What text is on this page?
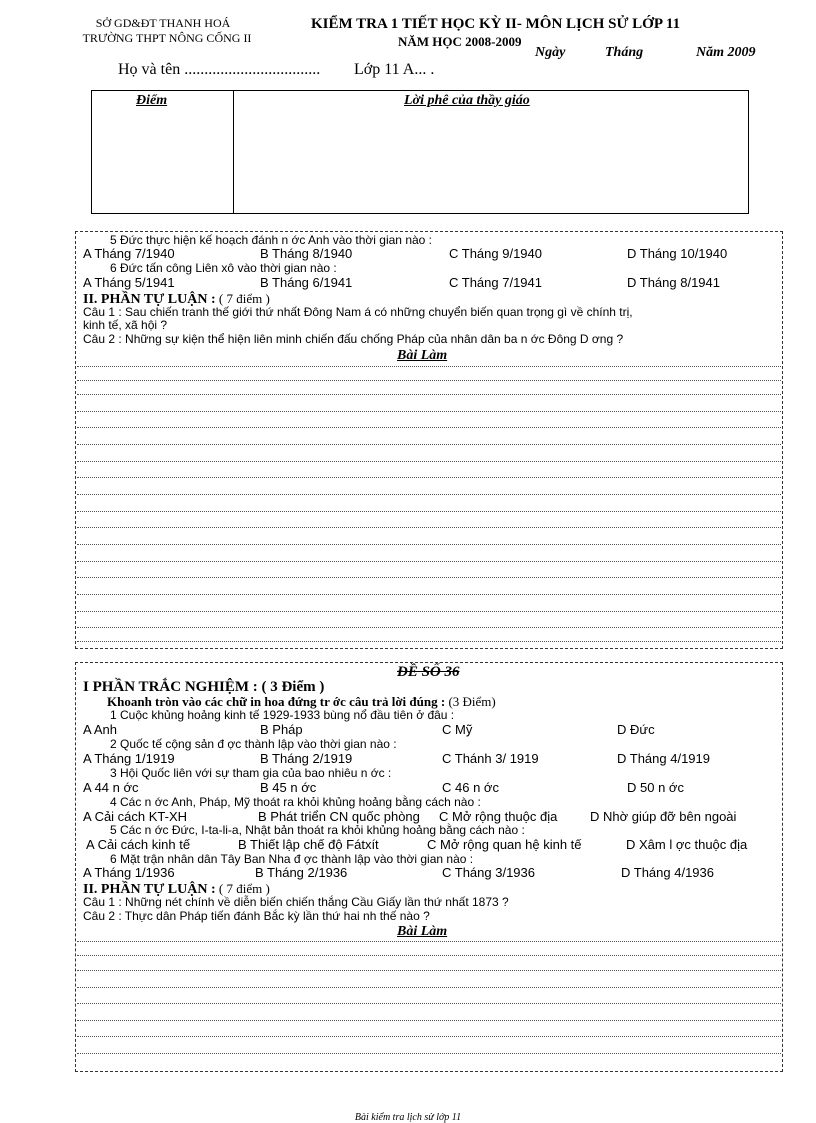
SỞ GD&ĐT THANH HOÁ
TRƯỜNG THPT NÔNG CỐNG II
KIỂM TRA 1 TIẾT HỌC KỲ II- MÔN LỊCH SỬ LỚP 11
NĂM HỌC 2008-2009
Ngày	Tháng	Năm 2009
Họ và tên .................................. Lớp 11 A... .
Điểm	Lời phê của thầy giáo
5 Đức thực hiện kế hoạch đánh n ớc Anh vào thời gian nào :
A Tháng 7/1940	B Tháng 8/1940	C Tháng 9/1940	D Tháng 10/1940
6 Đức tấn công Liên xô vào thời gian nào :
A Tháng 5/1941	B Tháng 6/1941	C Tháng 7/1941	D Tháng 8/1941
II. PHẦN TỰ LUẬN : ( 7 điểm )
Câu 1 : Sau chiến tranh thế giới thứ nhất Đông Nam á có những chuyển biến quan trọng gì về chính trị,
kinh tế, xã hội ?
Câu 2 : Những sự kiện thể hiện liên minh chiến đấu chống Pháp của nhân dân ba n ớc Đông D ơng ?
Bài Làm
ĐỀ SỐ 36
I PHẦN TRẮC NGHIỆM : ( 3 Điểm )
Khoanh tròn vào các chữ in hoa đứng tr ớc câu trả lời đúng : (3 Điểm)
1 Cuộc khủng hoảng kinh tế 1929-1933 bùng nổ đầu tiên ở đâu :
A Anh	B Pháp	C Mỹ	D Đức
2 Quốc tế cộng sản đ ợc thành lập vào thời gian nào :
A Tháng 1/1919	B Tháng 2/1919	C Thánh 3/ 1919	D Tháng 4/1919
3 Hội Quốc liên với sự tham gia của bao nhiêu n ớc :
A 44 n ớc	B 45 n ớc	C 46 n ớc	D 50 n ớc
4 Các n ớc Anh, Pháp, Mỹ thoát ra khỏi khủng hoảng bằng cách nào :
A Cải cách KT-XH	B Phát triển CN quốc phòng C Mở rộng thuộc địa	D Nhờ giúp đỡ bên ngoài
5 Các n ớc Đức, I-ta-li-a, Nhật bản thoát ra khỏi khủng hoảng bằng cách nào :
A Cải cách kinh tế	B Thiết lập chế độ Fátxít	C Mở rộng quan hệ kinh tế	D Xâm l ợc thuộc địa
6 Mặt trận nhân dân Tây Ban Nha đ ợc thành lập vào thời gian nào :
A Tháng 1/1936	B Tháng 2/1936	C Tháng 3/1936	D Tháng 4/1936
II. PHẦN TỰ LUẬN : ( 7 điểm )
Câu 1 : Những nét chính về diễn biến chiến thắng Cầu Giấy lần thứ nhất 1873 ?
Câu 2 : Thực dân Pháp tiến đánh Bắc kỳ lần thứ hai nh thế nào ?
Bài Làm
Bài kiểm tra lịch sử lớp 11
